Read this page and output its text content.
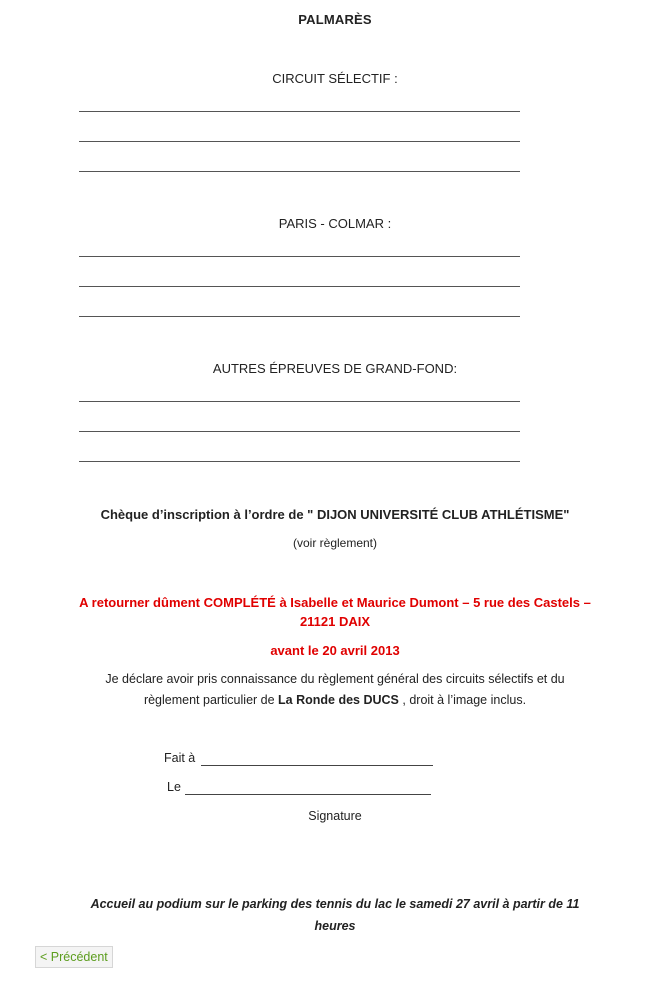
PALMARÈS
CIRCUIT SÉLECTIF :
PARIS - COLMAR :
AUTRES ÉPREUVES DE GRAND-FOND:
Chèque d’inscription à l’ordre de " DIJON UNIVERSITÉ CLUB ATHLÉTISME"
(voir règlement)
A retourner dûment COMPLÉTÉ à Isabelle et Maurice Dumont – 5 rue des Castels –
21121 DAIX
avant le 20 avril 2013
Je déclare avoir pris connaissance du règlement général des circuits sélectifs et du
règlement particulier de La Ronde des DUCS , droit à l’image inclus.
Fait à
Le
Signature
Accueil au podium sur le parking des tennis du lac le samedi 27 avril à partir de 11
heures
< Précédent
